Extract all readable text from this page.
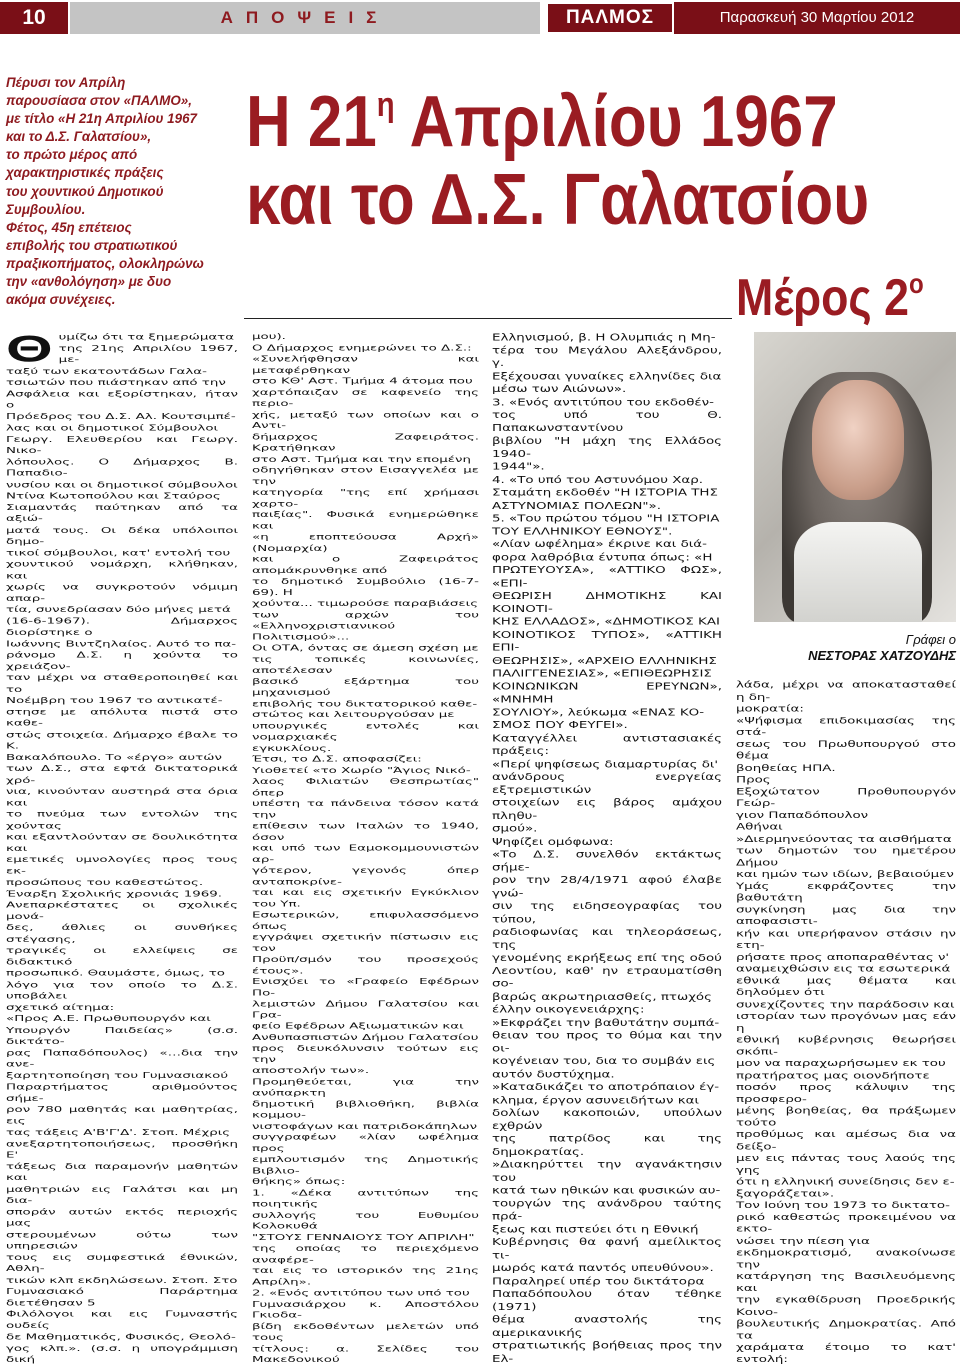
10	ΑΠΟΨΕΙΣ	ΠΑΛΜΟΣ	Παρασκευή 30 Μαρτίου 2012
Πέρυσι τον Απρίλη
παρουσίασα στον «ΠΑΛΜΟ»,
με τίτλο «Η 21η Απριλίου 1967
και το Δ.Σ. Γαλατσίου»,
το πρώτο μέρος από
χαρακτηριστικές πράξεις
του χουντικού Δημοτικού
Συμβουλίου.
Φέτος, 45η επέτειος
επιβολής του στρατιωτικού
πραξικοπήματος, ολοκληρώνω
την «ανθολόγηση» με δυο
ακόμα συνέχειες.
Η $21^\eta$ Απριλίου 1967
και το Δ.Σ. Γαλατσίου
Μέρος $2^o$
Θυμίζω ότι τα ξημερώματα
της 21ης Απριλίου 1967, με-
ταξύ των εκατοντάδων Γαλα-
τσιωτών που πιάστηκαν από την
Ασφάλεια και εξορίστηκαν, ήταν ο
Πρόεδρος του Δ.Σ. Αλ. Κουτσιμπέ-
λας και οι δημοτικοί Σύμβουλοι
Γεωργ. Ελευθερίου και Γεωργ. Νικο-
λόπουλος. Ο Δήμαρχος Β. Παπαδιο-
νυσίου και οι δημοτικοί σύμβουλοι
Ντίνα Κωτοπούλου και Σταύρος
Σιαμαντάς παύτηκαν από τα αξιώ-
ματά τους. Οι δέκα υπόλοιποι δημο-
τικοί σύμβουλοι, κατ' εντολή του
χουντικού νομάρχη, κλήθηκαν, και
χωρίς να συγκροτούν νόμιμη απαρ-
τία, συνεδρίασαν δύο μήνες μετά
(16-6-1967). Δήμαρχος διορίστηκε ο
Ιωάννης Βιντζηλαίος. Αυτό το πα-
ράνομο Δ.Σ. η χούντα το χρειάζον-
ταν μέχρι να σταθεροποιηθεί και το
Νοέμβρη του 1967 το αντικατέ-
στησε με απόλυτα πιστά στο καθε-
στώς στοιχεία. Δήμαρχο έβαλε το Κ.
Βακαλόπουλο. Το «έργο» αυτών
των Δ.Σ., στα εφτά δικτατορικά χρό-
νια, κινούνταν αυστηρά στα όρια και
το πνεύμα των εντολών της χούντας
και εξαντλούνταν σε δουλικότητα και
εμετικές υμνολογίες προς τους εκ-
προσώπους του καθεστώτος.
Έναρξη Σχολικής χρονιάς 1969.
Ανεπαρκέστατες οι σχολικές μονά-
δες, άθλιες οι συνθήκες στέγασης,
τραγικές οι ελλείψεις σε διδακτικό
προσωπικό. Θαυμάστε, όμως, το
λόγο για τον οποίο το Δ.Σ. υποβάλει
σχετικό αίτημα:
«Προς Α.Ε. Πρωθυπουργόν και
Υπουργόν Παιδείας» (σ.σ. δικτάτο-
ρας Παπαδόπουλος) «…δια την ανε-
ξαρτητοποίηση του Γυμνασιακού
Παραρτήματος αριθμούντος σήμε-
ρον 780 μαθητάς και μαθητρίας, εις
τας τάξεις Α'Β'Γ'Δ'. Στοπ. Μέχρις
ανεξαρτητοποιήσεως, προσθήκη Ε'
τάξεως δια παραμονήν μαθητών και
μαθητριών εις Γαλάτσι και μη δια-
σποράν αυτών εκτός περιοχής μας
στερουμένων ούτω των υπηρεσιών
τους εις συμφεστικά έθνικών, Αθλη-
τικών κλπ εκδηλώσεων. Στοπ. Στο
Γυμνασιακό Παράρτημα διετέθησαν 5
Φιλόλογοι και εις Γυμναστής ουδείς
δε Μαθηματικός, Φυσικός, Θεολό-
γος κλπ.». (σ.σ. η υπογράμμιση δική
μου).
Ο Δήμαρχος ενημερώνει το Δ.Σ.:
«Συνελήφθησαν και μεταφέρθηκαν
στο ΚΘ' Αστ. Τμήμα 4 άτομα που
χαρτόπαιζαν σε καφενείο της περιο-
χής, μεταξύ των οποίων και ο Αντι-
δήμαρχος Ζαφειράτος. Κρατήθηκαν
στο Αστ. Τμήμα και την επομένη
οδηγήθηκαν στον Εισαγγελέα με την
κατηγορία "της επί χρήμασι χαρτο-
παιξίας". Φυσικά ενημερώθηκε και
«η εποπτεύουσα Αρχή» (Νομαρχία)
και ο Ζαφειράτος απομάκρυνθηκε από
το δημοτικό Συμβούλιο (16-7-69). Η
χούντα... τιμωρούσε παραβιάσεις
των αρχών του «Ελληνοχριστιανικού
Πολιτισμού»...
Οι ΟΤΑ, όντας σε άμεση σχέση με
τις τοπικές κοινωνίες, αποτέλεσαν
βασικό εξάρτημα του μηχανισμού
επιβολής του δικτατορικού καθε-
στώτος και λειτουργούσαν με
υπουργικές εντολές και νομαρχιακές
εγκυκλίους.
Έτσι, το Δ.Σ. αποφασίζει:
Υιοθετεί «το Χωρίο "Άγιος Νικό-
λαος Φιλιατών Θεσπρωτίας" όπερ
υπέστη τα πάνδεινα τόσον κατά την
επίθεσιν των Ιταλών το 1940, όσον
και υπό των Εαμοκομμουνιστών αρ-
γότερον, γεγονός όπερ ανταποκρίνε-
ται και εις σχετικήν Εγκύκλιον του Υπ.
Εσωτερικών, επιφυλασσόμενο όπως
εγγράψει σχετικήν πίστωσιν εις τον
Προϋπ/σμόν του προσεχούς έτους».
Ενισχύει το «Γραφείο Εφέδρων Πο-
λεμιστών Δήμου Γαλατσίου και Γρα-
φείο Εφέδρων Αξιωματικών και
Ανθυπασπιστών Δήμου Γαλατσίου
προς διευκόλυνσιν τούτων εις την
αποστολήν των».
Προμηθεύεται, για την ανύπαρκτη
δημοτική βιβλιοθήκη, βιβλία κομμου-
νιστοφάγων και πατριδοκάπηλων
συγγραφέων «λίαν ωφέλημα προς
εμπλουτισμόν της Δημοτικής Βιβλιο-
θήκης» όπως:
1. «Δέκα αντιτύπων της ποιητικής
συλλογής του Ευθυμίου Κολοκυθά
"ΣΤΟΥΣ ΓΕΝΝΑΙΟΥΣ ΤΟΥ ΑΠΡΙΛΗ"
της οποίας το περιεχόμενο αναφέρε-
ται εις το ιστορικόν της 21ης Απρίλη».
2. «Ενός αντιτύπου των υπό του
Γυμνασιάρχου κ. Αποστόλου Γκιοδα-
βίδη εκδοθέντων μελετών υπό τους
τίτλους: α. Σελίδες του Μακεδονικού
Ελληνισμού, β. Η Ολυμπιάς η Μη-
τέρα του Μεγάλου Αλεξάνδρου, γ.
Εξέχουσαι γυναίκες ελληνίδες δια
μέσω των Αιώνων».
3. «Ενός αντιτύπου του εκδοθέν-
τος υπό του Θ. Παπακωνσταντίνου
βιβλίου "Η μάχη της Ελλάδος 1940-
1944"».
4. «Το υπό του Αστυνόμου Χαρ.
Σταμάτη εκδοθέν "Η ΙΣΤΟΡΙΑ ΤΗΣ
ΑΣΤΥΝΟΜΙΑΣ ΠΟΛΕΩΝ"».
5. «Του πρώτου τόμου "Η ΙΣΤΟΡΙΑ
ΤΟΥ ΕΛΛΗΝΙΚΟΥ ΕΘΝΟΥΣ".
«Λίαν ωφέλημα» έκρινε και διά-
φορα λαθρόβια έντυπα όπως: «Η
ΠΡΩΤΕΥΟΥΣΑ», «ΑΤΤΙΚΟ ΦΩΣ», «ΕΠΙ-
ΘΕΩΡΙΣΗ ΔΗΜΟΤΙΚΗΣ ΚΑΙ ΚΟΙΝΟΤΙ-
ΚΗΣ ΕΛΛΑΔΟΣ», «ΔΗΜΟΤΙΚΟΣ ΚΑΙ
ΚΟΙΝΟΤΙΚΟΣ ΤΥΠΟΣ», «ΑΤΤΙΚΗ ΕΠΙ-
ΘΕΩΡΗΣΙΣ», «ΑΡΧΕΙΟ ΕΛΛΗΝΙΚΗΣ
ΠΑΛΙΓΓΕΝΕΣΙΑΣ», «ΕΠΙΘΕΩΡΗΣΙΣ
ΚΟΙΝΩΝΙΚΩΝ ΕΡΕΥΝΩΝ», «ΜΝΗΜΗ
ΣΟΥΛΙΟΥ», λεύκωμα «ΕΝΑΣ ΚΟ-
ΣΜΟΣ ΠΟΥ ΦΕΥΓΕΙ».
Καταγγέλλει αντιστασιακές πράξεις:
«Περί ψηφίσεως διαμαρτυρίας δι'
ανάνδρους ενεργείας εξτρεμιστικών
στοιχείων εις βάρος αμάχου πληθυ-
σμού».
Ψηφίζει ομόφωνα:
«Το Δ.Σ. συνελθόν εκτάκτως σήμε-
ρον την 28/4/1971 αφού έλαβε γνώ-
σιν της ειδησεογραφίας του τύπου,
ραδιοφωνίας και τηλεοράσεως, της
γενομένης εκρήξεως επί της οδού
Λεοντίου, καθ' ην ετραυματίσθη σο-
βαρώς ακρωτηριασθείς, πτωχός
έλλην οικογενειάρχης:
»Εκφράζει την βαθυτάτην συμπά-
θειαν του προς το θύμα και την οι-
κογένειαν του, δια το συμβάν εις
αυτόν δυστύχημα.
»Καταδικάζει το αποτρόπαιον έγ-
κλημα, έργον ασυνειδήτων και
δολίων κακοποιών, υπούλων εχθρών
της πατρίδος και της δημοκρατίας.
»Διακηρύττει την αγανάκτησιν του
κατά των ηθικών και φυσικών αυ-
τουργών της ανάνδρου ταύτης πρά-
ξεως και πιστεύει ότι η Εθνική
Κυβέρνησις θα φανή αμείλικτος τι-
μωρός κατά παντός υπευθύνου».
Παραληρεί υπέρ του δικτάτορα
Παπαδόπουλου όταν τέθηκε (1971)
θέμα αναστολής της αμερικανικής
στρατιωτικής βοήθειας προς την Ελ-
Γράφει ο
ΝΕΣΤΟΡΑΣ ΧΑΤΖΟΥΔΗΣ
λάδα, μέχρι να αποκατασταθεί η δη-
μοκρατία:
«Ψήφισμα επιδοκιμασίας της στά-
σεως του Πρωθυπουργού στο θέμα
βοηθείας ΗΠΑ.
Προς
Εξοχώτατον Προθυπουργόν Γεώρ-
γιον Παπαδόπουλον
Αθήναι
»Διερμηνεύοντας τα αισθήματα
των δημοτών του ημετέρου Δήμου
και ημών των ιδίων, βεβαιούμεν
Υμάς εκφράζοντες την βαθυτάτη
συγκίνηση μας δια την αποφασιστι-
κήν και υπερήφανον στάσιν ην ετη-
ρήσατε προς αποπαραθέντας ν'
αναμειχθώσιν εις τα εσωτερικά
εθνικά μας θέματα και δηλούμεν ότι
συνεχίζοντες την παράδοσιν και
ιστορίαν των προγόνων μας εάν η
εθνική κυβέρνησις θεωρήσει σκόπι-
μον να παραχωρήσωμεν εκ του
πρατήρατος μας οιονδήποτε
ποσόν προς κάλυψιν της προσφερο-
μένης βοηθείας, θα πράξωμεν τούτο
προθύμως και αμέσως δια να δείξο-
μεν εις πάντας τους λαούς της γης
ότι η ελληνική συνείδησις δεν ε-
ξαγοράζεται».
Τον Ιούνη του 1973 το δικτατο-
ρικό καθεστώς προκειμένου να εκτο-
νώσει την πίεση για
εκδημοκρατισμό, ανακοίνωσε την
κατάργηση της Βασιλευόμενης και
την εγκαθίδρυση Προεδρικής Κοινο-
βουλευτικής Δημοκρατίας. Από τα
χαράματα έτοιμο το κατ' εντολή:
